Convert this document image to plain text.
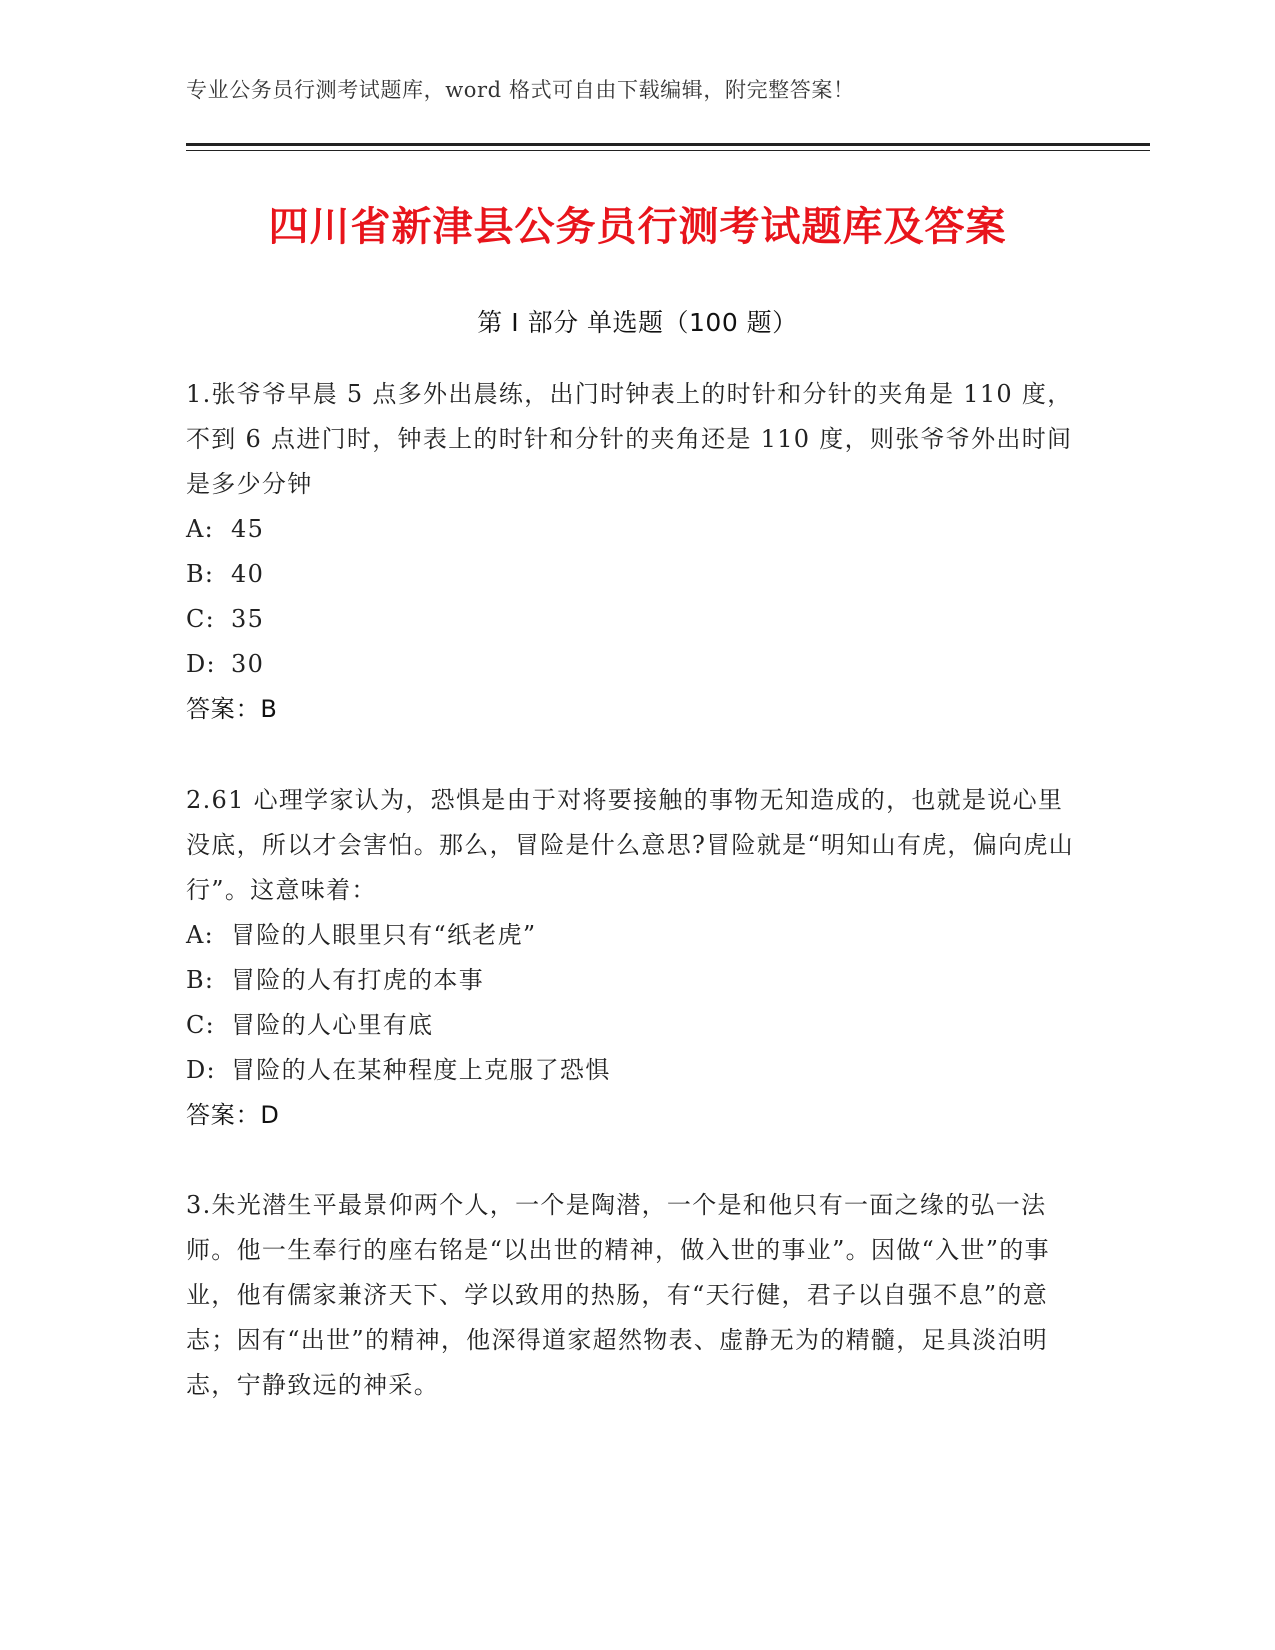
专业公务员行测考试题库，word 格式可自由下载编辑，附完整答案！
四川省新津县公务员行测考试题库及答案
第 I 部分 单选题（100 题）

1.张爷爷早晨 5 点多外出晨练，出门时钟表上的时针和分针的夹角是 110 度，不到 6 点进门时，钟表上的时针和分针的夹角还是 110 度，则张爷爷外出时间是多少分钟

A: 45

B: 40

C: 35

D: 30

答案：B

2.61 心理学家认为，恐惧是由于对将要接触的事物无知造成的，也就是说心里没底，所以才会害怕。那么，冒险是什么意思?冒险就是“明知山有虎，偏向虎山行”。这意味着：

A: 冒险的人眼里只有“纸老虎”

B: 冒险的人有打虎的本事

C: 冒险的人心里有底

D: 冒险的人在某种程度上克服了恐惧

答案：D

3.朱光潜生平最景仰两个人，一个是陶潜，一个是和他只有一面之缘的弘一法师。他一生奉行的座右铭是“以出世的精神，做入世的事业”。因做“入世”的事业，他有儒家兼济天下、学以致用的热肠，有“天行健，君子以自强不息”的意志；因有“出世”的精神，他深得道家超然物表、虚静无为的精髓，足具淡泊明志，宁静致远的神采。
